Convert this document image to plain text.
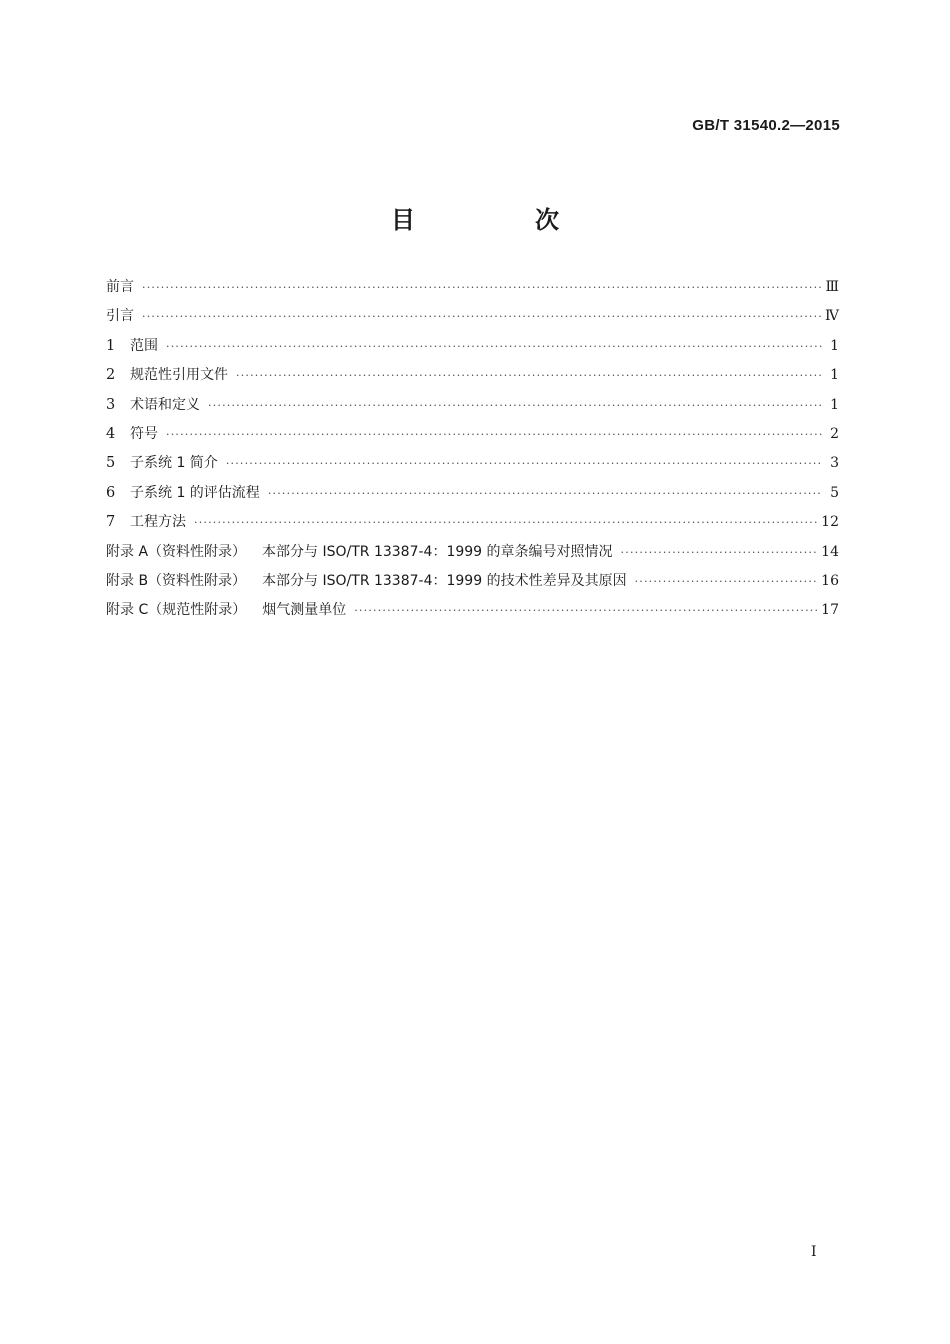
GB/T 31540.2—2015
目　次
前言 ·····	Ⅲ
引言 ·····	Ⅳ
1	范围 ·····	1
2	规范性引用文件 ·····	1
3	术语和定义 ·····	1
4	符号 ·····	2
5	子系统 1 简介 ·····	3
6	子系统 1 的评估流程 ·····	5
7	工程方法 ·····	12
附录 A（资料性附录） 本部分与 ISO/TR 13387-4：1999 的章条编号对照情况 ·····	14
附录 B（资料性附录） 本部分与 ISO/TR 13387-4：1999 的技术性差异及其原因 ·····	16
附录 C（规范性附录） 烟气测量单位 ·····	17
Ⅰ
